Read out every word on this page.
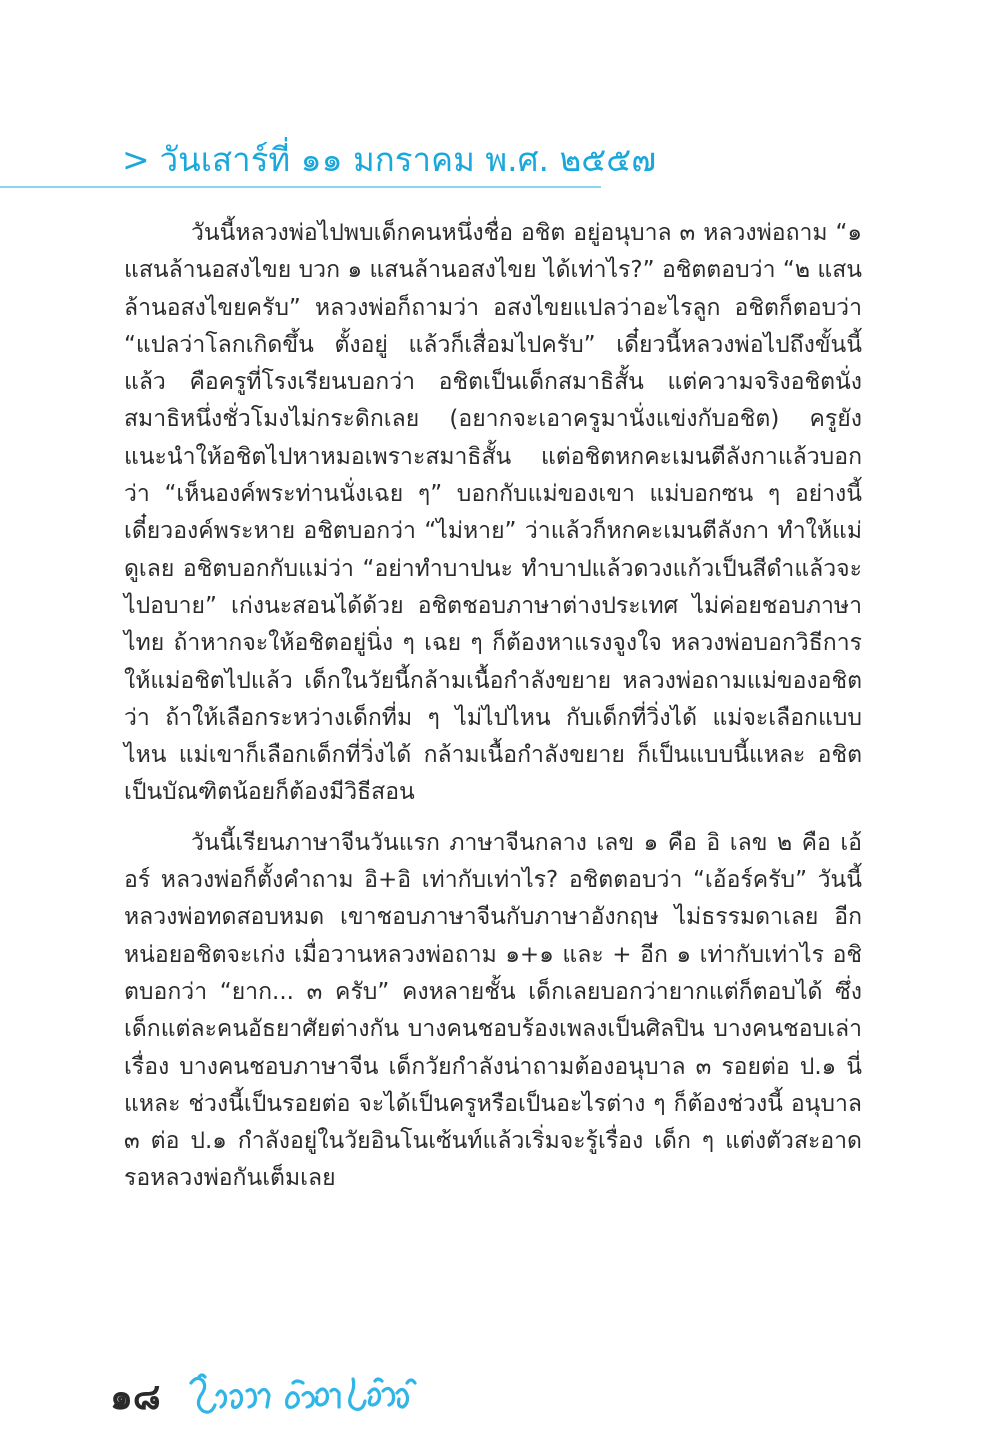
> วันเสาร์ที่ ๑๑ มกราคม พ.ศ. ๒๕๕๗

วันนี้หลวงพ่อไปพบเด็กคนหนึ่งชื่อ อชิต อยู่อนุบาล ๓ หลวงพ่อถาม “๑ แสนล้านอสงไขย บวก ๑ แสนล้านอสงไขย ได้เท่าไร?” อชิตตอบว่า “๒ แสนล้านอสงไขยครับ” หลวงพ่อก็ถามว่า อสงไขยแปลว่าอะไรลูก อชิตก็ตอบว่า “แปลว่าโลกเกิดขึ้น ตั้งอยู่ แล้วก็เสื่อมไปครับ” เดี๋ยวนี้หลวงพ่อไปถึงขั้นนี้แล้ว คือครูที่โรงเรียนบอกว่า อชิตเป็นเด็กสมาธิสั้น แต่ความจริงอชิตนั่งสมาธิหนึ่งชั่วโมงไม่กระดิกเลย (อยากจะเอาครูมานั่งแข่งกับอชิต) ครูยังแนะนำให้อชิตไปหาหมอเพราะสมาธิสั้น แต่อชิตหกคะเมนตีลังกาแล้วบอกว่า “เห็นองค์พระท่านนั่งเฉย ๆ” บอกกับแม่ของเขา แม่บอกซน ๆ อย่างนี้เดี๋ยวองค์พระหาย อชิตบอกว่า “ไม่หาย” ว่าแล้วก็หกคะเมนตีลังกา ทำให้แม่ดูเลย อชิตบอกกับแม่ว่า “อย่าทำบาปนะ ทำบาปแล้วดวงแก้วเป็นสีดำแล้วจะไปอบาย” เก่งนะสอนได้ด้วย อชิตชอบภาษาต่างประเทศ ไม่ค่อยชอบภาษาไทย ถ้าหากจะให้อชิตอยู่นิ่ง ๆ เฉย ๆ ก็ต้องหาแรงจูงใจ หลวงพ่อบอกวิธีการให้แม่อชิตไปแล้ว เด็กในวัยนี้กล้ามเนื้อกำลังขยาย หลวงพ่อถามแม่ของอชิตว่า ถ้าให้เลือกระหว่างเด็กที่ม ๆ ไม่ไปไหน กับเด็กที่วิ่งได้ แม่จะเลือกแบบไหน แม่เขาก็เลือกเด็กที่วิ่งได้ กล้ามเนื้อกำลังขยาย ก็เป็นแบบนี้แหละ อชิตเป็นบัณฑิตน้อยก็ต้องมีวิธีสอน

วันนี้เรียนภาษาจีนวันแรก ภาษาจีนกลาง เลข ๑ คือ อิ เลข ๒ คือ เอ้อร์ หลวงพ่อก็ตั้งคำถาม อิ+อิ เท่ากับเท่าไร? อชิตตอบว่า “เอ้อร์ครับ” วันนี้หลวงพ่อทดสอบหมด เขาชอบภาษาจีนกับภาษาอังกฤษ ไม่ธรรมดาเลย อีกหน่อยอชิตจะเก่ง เมื่อวานหลวงพ่อถาม ๑+๑ และ + อีก ๑ เท่ากับเท่าไร อชิตบอกว่า “ยาก... ๓ ครับ” คงหลายชั้น เด็กเลยบอกว่ายากแต่ก็ตอบได้ ซึ่งเด็กแต่ละคนอัธยาศัยต่างกัน บางคนชอบร้องเพลงเป็นศิลปิน บางคนชอบเล่าเรื่อง บางคนชอบภาษาจีน เด็กวัยกำลังน่าถามต้องอนุบาล ๓ รอยต่อ ป.๑ นี่แหละ ช่วงนี้เป็นรอยต่อ จะได้เป็นครูหรือเป็นอะไรต่าง ๆ ก็ต้องช่วงนี้ อนุบาล ๓ ต่อ ป.๑ กำลังอยู่ในวัยอินโนเซ้นท์แล้วเริ่มจะรู้เรื่อง เด็ก ๆ แต่งตัวสะอาดรอหลวงพ่อกันเต็มเลย

๑๘
